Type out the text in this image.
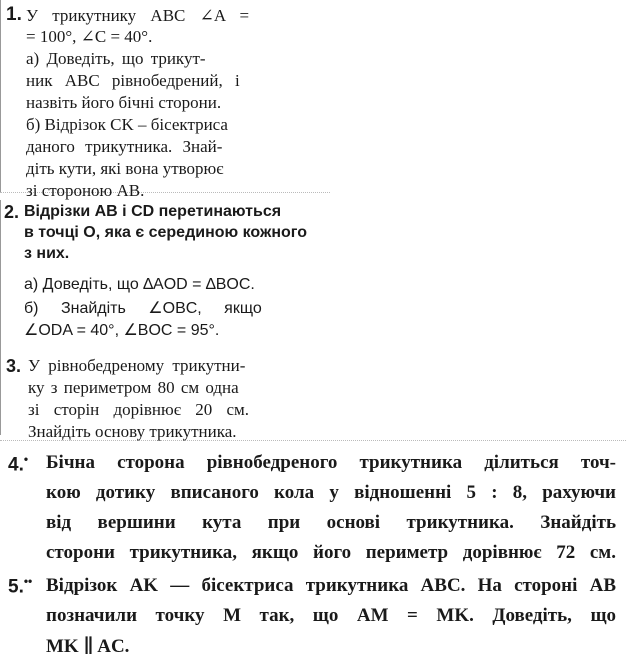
1. У трикутнику ABC ∠A =
= 100°, ∠C = 40°.
а) Доведіть, що трикут-
ник ABC рівнобедрений, і
назвіть його бічні сторони.
б) Відрізок CK – бісектриса
даного трикутника. Знай-
діть кути, які вона утворює
зі стороною AB.
2. Відрізки AB і CD перетинаються
в точці O, яка є серединою кожного
з них.
а) Доведіть, що ∆AOD = ∆BOC.
б) Знайдіть ∠OBC, якщо
∠ODA = 40°, ∠BOC = 95°.
3. У рівнобедреному трикутни-
ку з периметром 80 см одна
зі сторін дорівнює 20 см.
Знайдіть основу трикутника.
4.• Бічна сторона рівнобедреного трикутника ділиться точ-
кою дотику вписаного кола у відношенні 5 : 8, рахуючи
від вершини кута при основі трикутника. Знайдіть
сторони трикутника, якщо його периметр дорівнює 72 см.
5.•• Відрізок AK — бісектриса трикутника ABC. На стороні AB
позначили точку M так, що AM = MK. Доведіть, що
MK ∥ AC.
